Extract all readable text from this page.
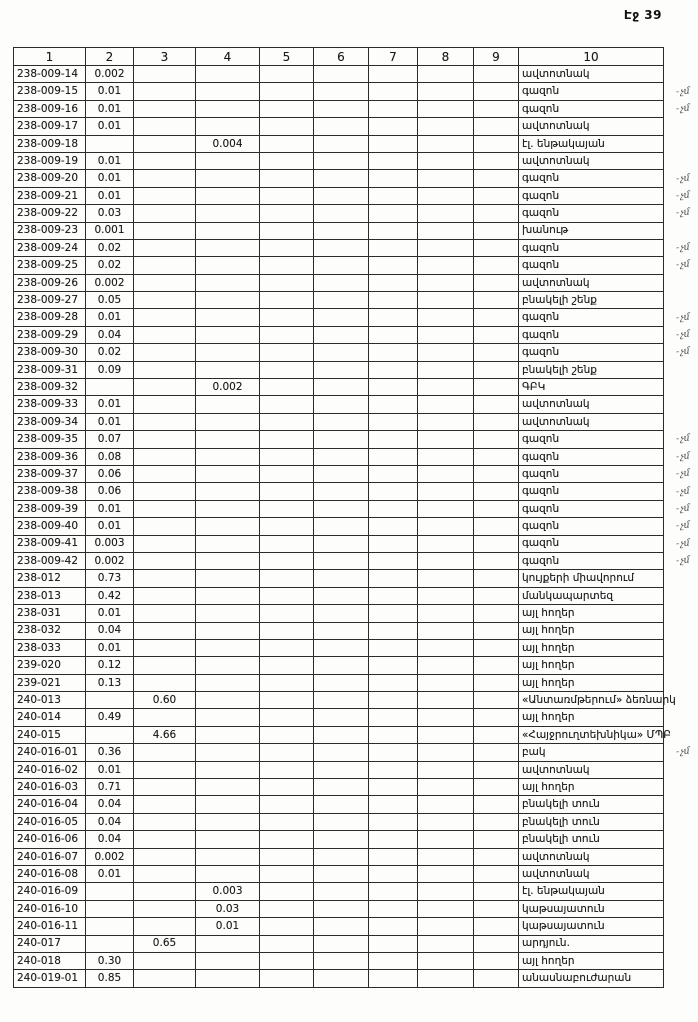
Էջ 39
1	2	3	4	5	6	7	8	9	10
238-009-14	0.002								ավտոտնակ
238-009-15	0.01								գազոն - չմ

238-009-16	0.01								գազոն - չմ

238-009-17	0.01								ավտոտնակ
238-009-18			0.004						էլ. ենթակայան
238-009-19	0.01								ավտոտնակ
238-009-20	0.01								գազոն - չմ

238-009-21	0.01								գազոն - չմ

238-009-22	0.03								գազոն - չմ

238-009-23	0.001								խանութ
238-009-24	0.02								գազոն - չմ

238-009-25	0.02								գազոն - չմ

238-009-26	0.002								ավտոտնակ
238-009-27	0.05								բնակելի շենք
238-009-28	0.01								գազոն - չմ

238-009-29	0.04								գազոն - չմ

238-009-30	0.02								գազոն - չմ

238-009-31	0.09								բնակելի շենք
238-009-32			0.002						ԳԲԿ
238-009-33	0.01								ավտոտնակ
238-009-34	0.01								ավտոտնակ
238-009-35	0.07								գազոն - չմ

238-009-36	0.08								գազոն - չմ

238-009-37	0.06								գազոն - չմ

238-009-38	0.06								գազոն - չմ

238-009-39	0.01								գազոն - չմ

238-009-40	0.01								գազոն - չմ

238-009-41	0.003								գազոն - չմ

238-009-42	0.002								գազոն - չմ

238-012	0.73								կույքերի միավորում
238-013	0.42								մանկապարտեզ
238-031	0.01								այլ հողեր
238-032	0.04								այլ հողեր
238-033	0.01								այլ հողեր
239-020	0.12								այլ հողեր
239-021	0.13								այլ հողեր
240-013		0.60							«Անտառմթերում» ձեռնարկ
240-014	0.49								այլ հողեր
240-015		4.66							«Հայջրուղտեխնիկա» ՄՊԲ
240-016-01	0.36								բակ - չմ

240-016-02	0.01								ավտոտնակ
240-016-03	0.71								այլ հողեր
240-016-04	0.04								բնակելի տուն
240-016-05	0.04								բնակելի տուն
240-016-06	0.04								բնակելի տուն
240-016-07	0.002								ավտոտնակ
240-016-08	0.01								ավտոտնակ
240-016-09			0.003						էլ. ենթակայան
240-016-10			0.03						կաթսայատուն
240-016-11			0.01						կաթսայատուն
240-017		0.65							արդյուն.
240-018	0.30								այլ հողեր
240-019-01	0.85								անասնաբուժարան
